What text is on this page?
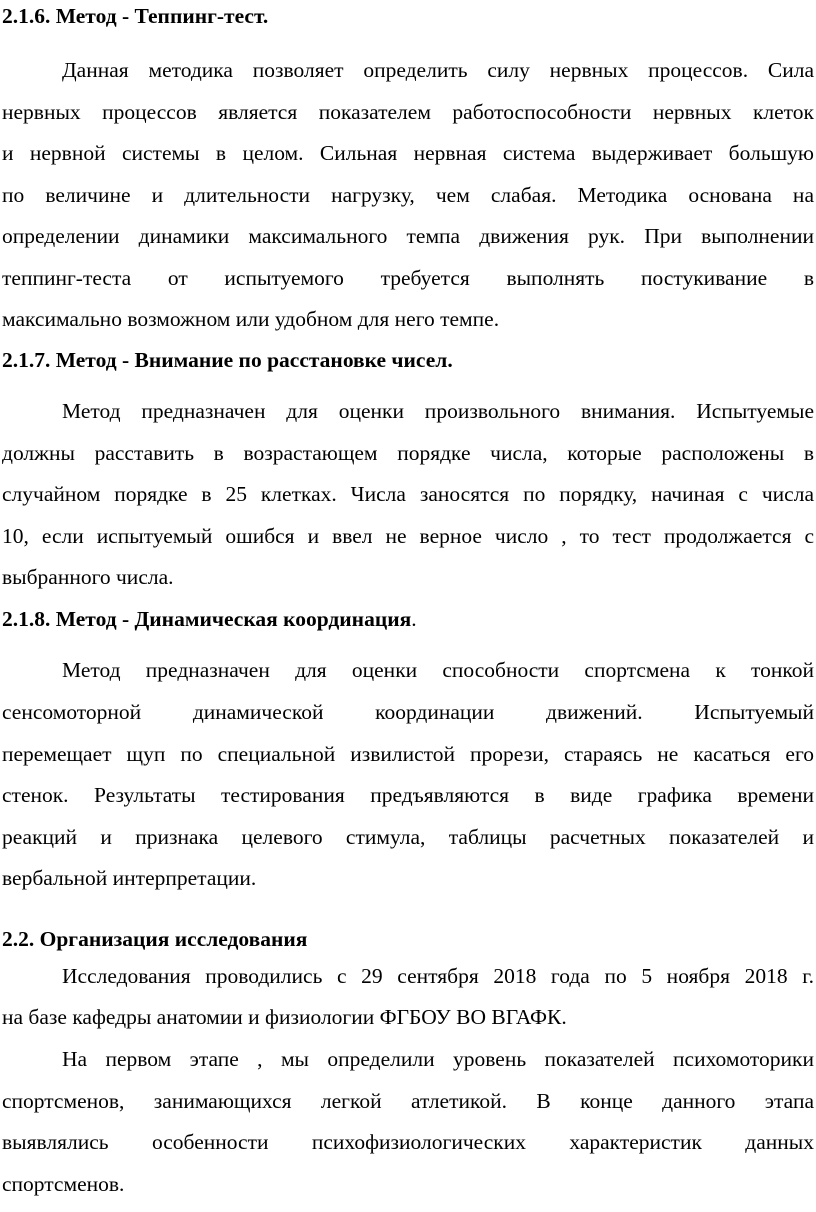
2.1.6. Метод - Теппинг-тест.
Данная методика позволяет определить силу нервных процессов. Сила
нервных процессов является показателем работоспособности нервных клеток
и нервной системы в целом. Сильная нервная система выдерживает большую
по величине и длительности нагрузку, чем слабая. Методика основана на
определении динамики максимального темпа движения рук. При выполнении
теппинг-теста от испытуемого требуется выполнять постукивание в
максимально возможном или удобном для него темпе.
2.1.7. Метод - Внимание по расстановке чисел.
Метод предназначен для оценки произвольного внимания. Испытуемые
должны расставить в возрастающем порядке числа, которые расположены в
случайном порядке в 25 клетках. Числа заносятся по порядку, начиная с числа
10, если испытуемый ошибся и ввел не верное число , то тест продолжается с
выбранного числа.
2.1.8. Метод - Динамическая координация.
Метод предназначен для оценки способности спортсмена к тонкой
сенсомоторной динамической координации движений. Испытуемый
перемещает щуп по специальной извилистой прорези, стараясь не касаться его
стенок. Результаты тестирования предъявляются в виде графика времени
реакций и признака целевого стимула, таблицы расчетных показателей и
вербальной интерпретации.
2.2. Организация исследования
Исследования проводились с 29 сентября 2018 года по 5 ноября 2018 г.
на базе кафедры анатомии и физиологии ФГБОУ ВО ВГАФК.
На первом этапе , мы определили уровень показателей психомоторики
спортсменов, занимающихся легкой атлетикой. В конце данного этапа
выявлялись особенности психофизиологических характеристик данных
спортсменов.
